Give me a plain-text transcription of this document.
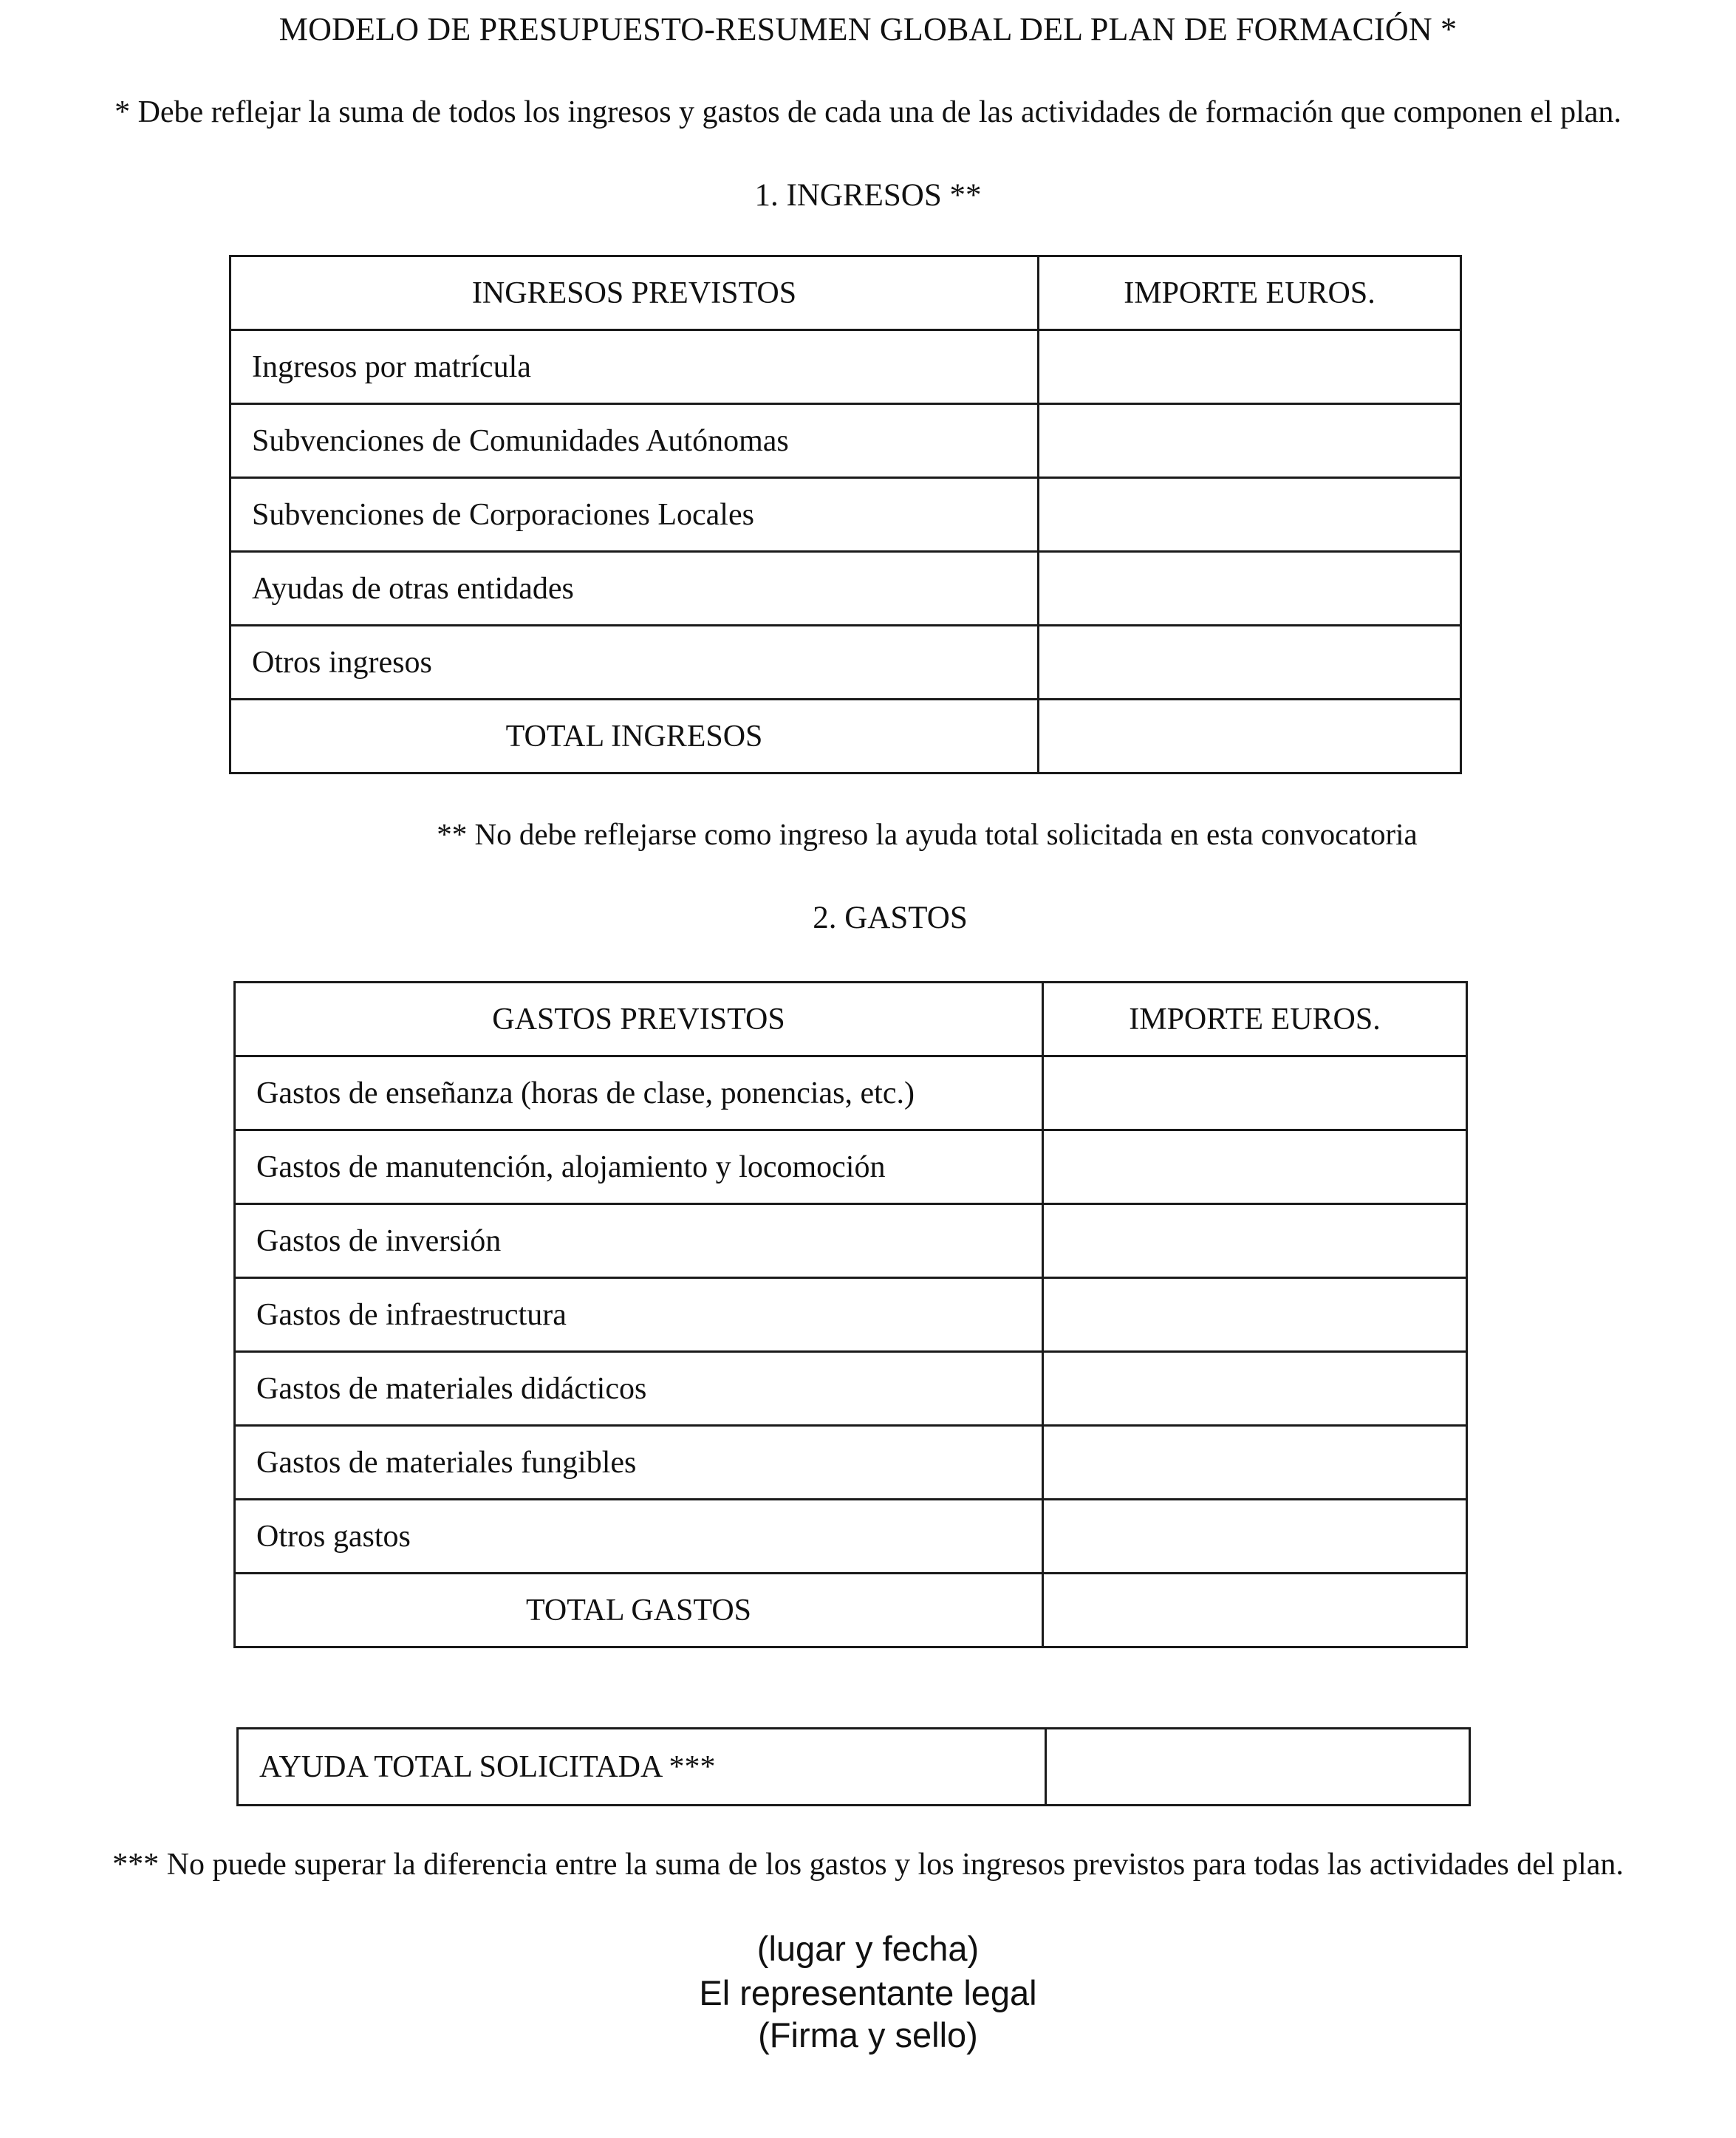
MODELO DE PRESUPUESTO-RESUMEN GLOBAL DEL PLAN DE FORMACIÓN *
* Debe reflejar la suma de todos los ingresos y gastos de cada una de las actividades de formación que componen el plan.
1. INGRESOS **
INGRESOS PREVISTOS	IMPORTE EUROS.
Ingresos por matrícula	
Subvenciones de Comunidades Autónomas	
Subvenciones de Corporaciones Locales	
Ayudas de otras entidades	
Otros ingresos	
TOTAL INGRESOS	
** No debe reflejarse como ingreso la ayuda total solicitada en esta convocatoria
2. GASTOS
GASTOS PREVISTOS	IMPORTE EUROS.
Gastos de enseñanza (horas de clase, ponencias, etc.)	
Gastos de manutención, alojamiento y locomoción	
Gastos de inversión	
Gastos de infraestructura	
Gastos de materiales didácticos	
Gastos de materiales fungibles	
Otros gastos	
TOTAL GASTOS	
AYUDA TOTAL SOLICITADA ***	
*** No puede superar la diferencia entre la suma de los gastos y los ingresos previstos para todas las actividades del plan.
(lugar y fecha)
El representante legal
(Firma y sello)
